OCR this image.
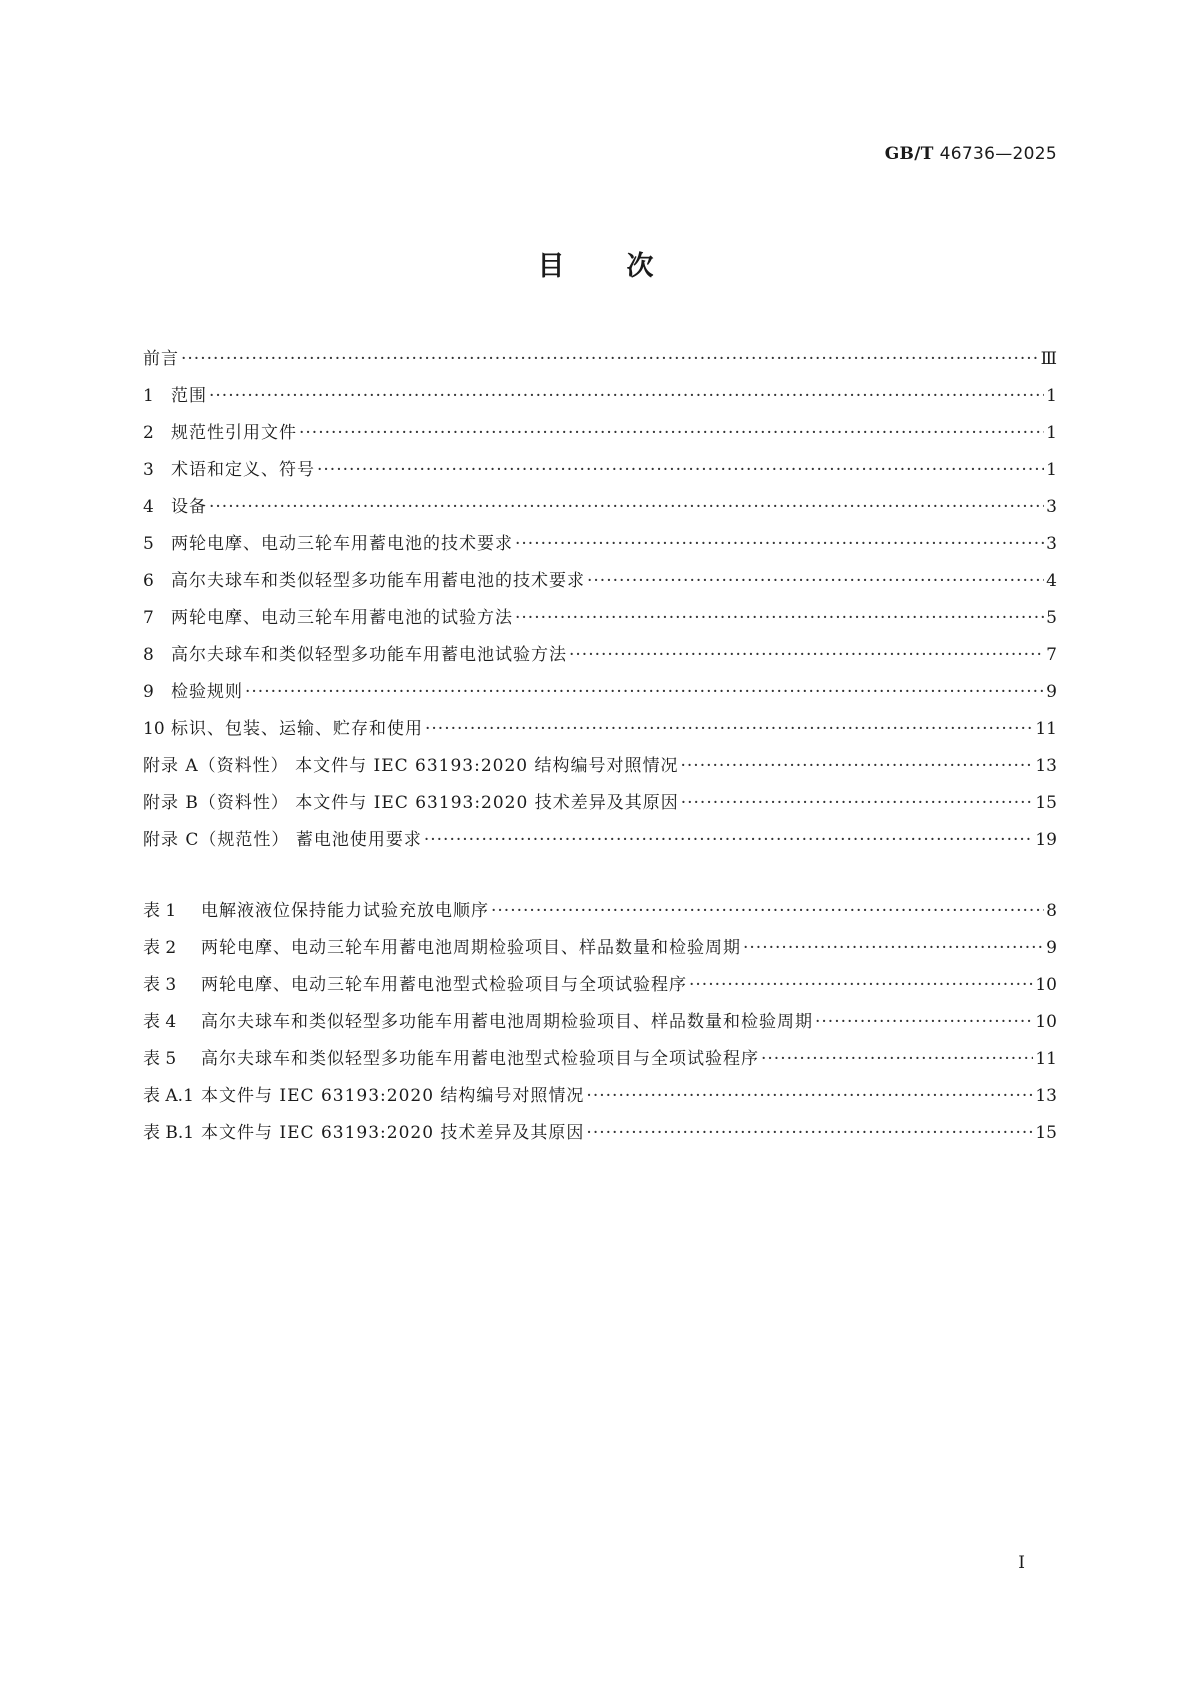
GB/T 46736—2025
目次
前言 ·····	Ⅲ
1	范围 ·····	1
2	规范性引用文件 ·····	1
3	术语和定义、符号 ·····	1
4	设备 ·····	3
5	两轮电摩、电动三轮车用蓄电池的技术要求 ·····	3
6	高尔夫球车和类似轻型多功能车用蓄电池的技术要求 ·····	4
7	两轮电摩、电动三轮车用蓄电池的试验方法 ·····	5
8	高尔夫球车和类似轻型多功能车用蓄电池试验方法 ·····	7
9	检验规则 ·····	9
10 标识、包装、运输、贮存和使用 ·····	11
附录 A（资料性） 本文件与 IEC 63193:2020 结构编号对照情况 ·····	13
附录 B（资料性） 本文件与 IEC 63193:2020 技术差异及其原因 ·····	15
附录 C（规范性） 蓄电池使用要求 ·····	19
表 1	电解液液位保持能力试验充放电顺序 ·····	8
表 2	两轮电摩、电动三轮车用蓄电池周期检验项目、样品数量和检验周期 ·····	9
表 3	两轮电摩、电动三轮车用蓄电池型式检验项目与全项试验程序 ·····	10
表 4	高尔夫球车和类似轻型多功能车用蓄电池周期检验项目、样品数量和检验周期 ·····	10
表 5	高尔夫球车和类似轻型多功能车用蓄电池型式检验项目与全项试验程序 ·····	11
表 A.1 本文件与 IEC 63193:2020 结构编号对照情况 ·····	13
表 B.1 本文件与 IEC 63193:2020 技术差异及其原因 ·····	15
I
